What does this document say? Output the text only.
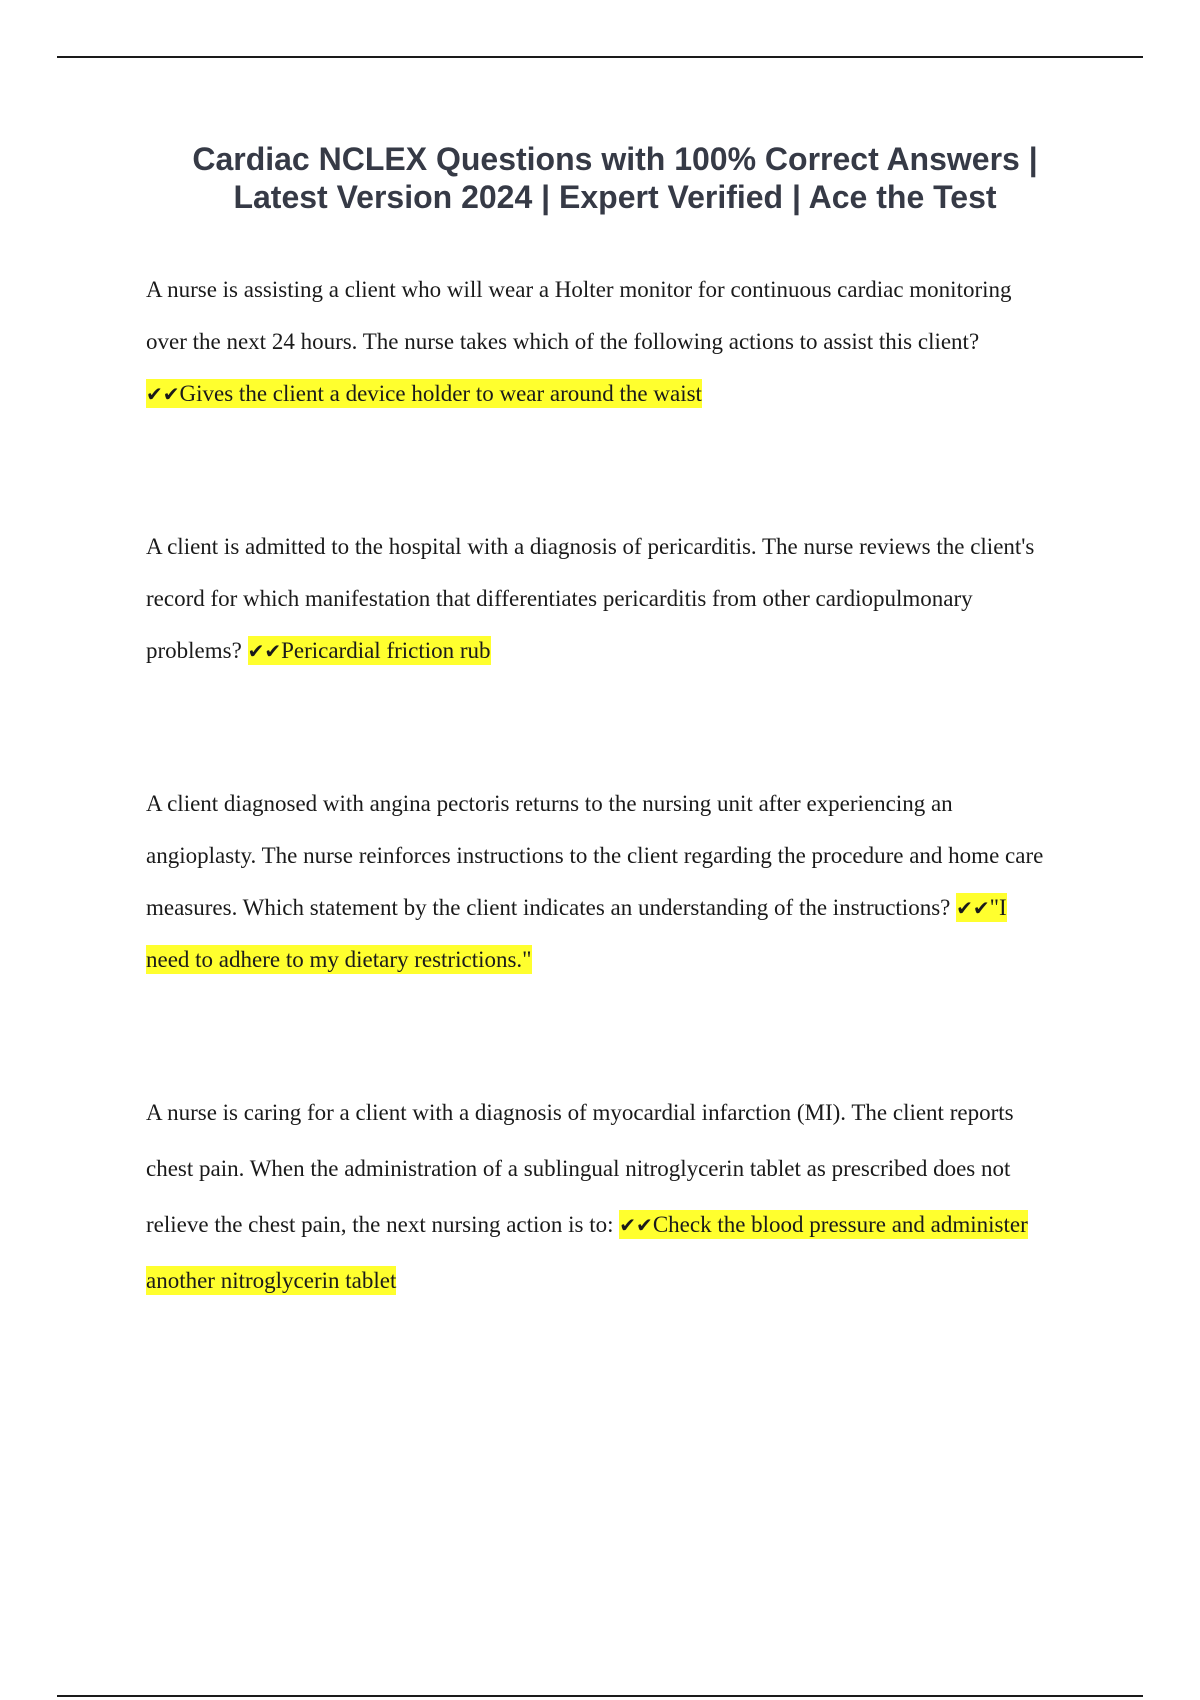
Cardiac NCLEX Questions with 100% Correct Answers | Latest Version 2024 | Expert Verified | Ace the Test

A nurse is assisting a client who will wear a Holter monitor for continuous cardiac monitoring over the next 24 hours. The nurse takes which of the following actions to assist this client? ✔✔Gives the client a device holder to wear around the waist

A client is admitted to the hospital with a diagnosis of pericarditis. The nurse reviews the client's record for which manifestation that differentiates pericarditis from other cardiopulmonary problems? ✔✔Pericardial friction rub

A client diagnosed with angina pectoris returns to the nursing unit after experiencing an angioplasty. The nurse reinforces instructions to the client regarding the procedure and home care measures. Which statement by the client indicates an understanding of the instructions? ✔✔"I need to adhere to my dietary restrictions."

A nurse is caring for a client with a diagnosis of myocardial infarction (MI). The client reports chest pain. When the administration of a sublingual nitroglycerin tablet as prescribed does not relieve the chest pain, the next nursing action is to: ✔✔Check the blood pressure and administer another nitroglycerin tablet
